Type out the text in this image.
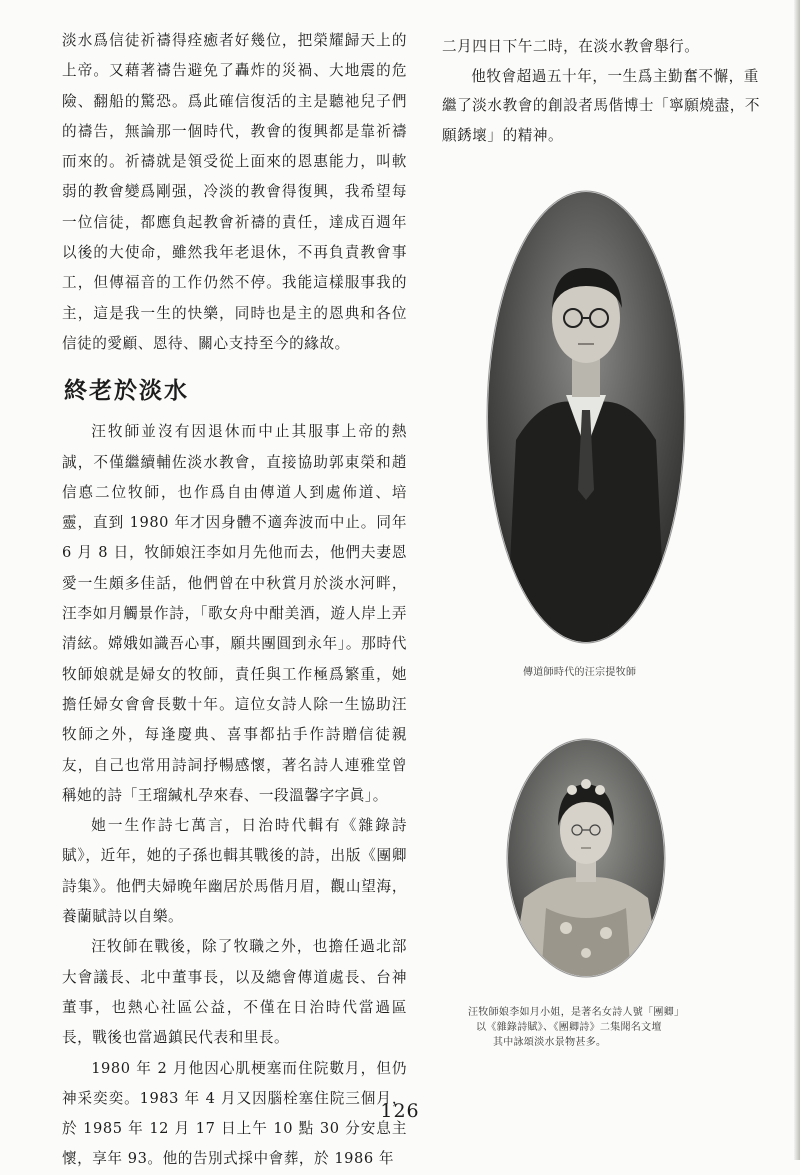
淡水爲信徒祈禱得痊癒者好幾位，把榮耀歸天上的上帝。又藉著禱告避免了轟炸的災禍、大地震的危險、翻船的驚恐。爲此確信復活的主是聽祂兒子們的禱告，無論那一個時代，教會的復興都是靠祈禱而來的。祈禱就是領受從上面來的恩惠能力，叫軟弱的教會變爲剛强，冷淡的教會得復興，我希望每一位信徒，都應負起教會祈禱的責任，達成百週年以後的大使命，雖然我年老退休，不再負責教會事工，但傳福音的工作仍然不停。我能這樣服事我的主，這是我一生的快樂，同時也是主的恩典和各位信徒的愛顧、恩待、關心支持至今的緣故。

終老於淡水

汪牧師並沒有因退休而中止其服事上帝的熱誠，不僅繼續輔佐淡水教會，直接協助郭東榮和趙信悳二位牧師，也作爲自由傳道人到處佈道、培靈，直到 1980 年才因身體不適奔波而中止。同年 6 月 8 日，牧師娘汪李如月先他而去，他們夫妻恩愛一生頗多佳話，他們曾在中秋賞月於淡水河畔，汪李如月觸景作詩，「歌女舟中酣美酒，遊人岸上弄清絃。嫦娥如識吾心事，願共團圓到永年」。那時代牧師娘就是婦女的牧師，責任與工作極爲繁重，她擔任婦女會會長數十年。這位女詩人除一生協助汪牧師之外，每逢慶典、喜事都拈手作詩贈信徒親友，自己也常用詩詞抒暢感懷，著名詩人連雅堂曾稱她的詩「王瑠緘札孕來春、一段溫馨字字眞」。

她一生作詩七萬言，日治時代輯有《雜錄詩賦》，近年，她的子孫也輯其戰後的詩，出版《團卿詩集》。他們夫婦晚年幽居於馬偕月眉，觀山望海，養蘭賦詩以自樂。

汪牧師在戰後，除了牧職之外，也擔任過北部大會議長、北中董事長，以及總會傳道處長、台神董事，也熱心社區公益，不僅在日治時代當過區長，戰後也當過鎮民代表和里長。

1980 年 2 月他因心肌梗塞而住院數月，但仍神采奕奕。1983 年 4 月又因腦栓塞住院三個月，於 1985 年 12 月 17 日上午 10 點 30 分安息主懷，享年 93。他的告別式採中會葬，於 1986 年

二月四日下午二時，在淡水教會舉行。

他牧會超過五十年，一生爲主勤奮不懈，重

繼了淡水教會的創設者馬偕博士「寧願燒盡，不

願銹壞」的精神。

傳道師時代的汪宗提牧師
汪牧師娘李如月小姐，是著名女詩人號「團卿」
以《雜錄詩賦》、《團卿詩》二集聞名文壇
其中詠頌淡水景物甚多。
126
